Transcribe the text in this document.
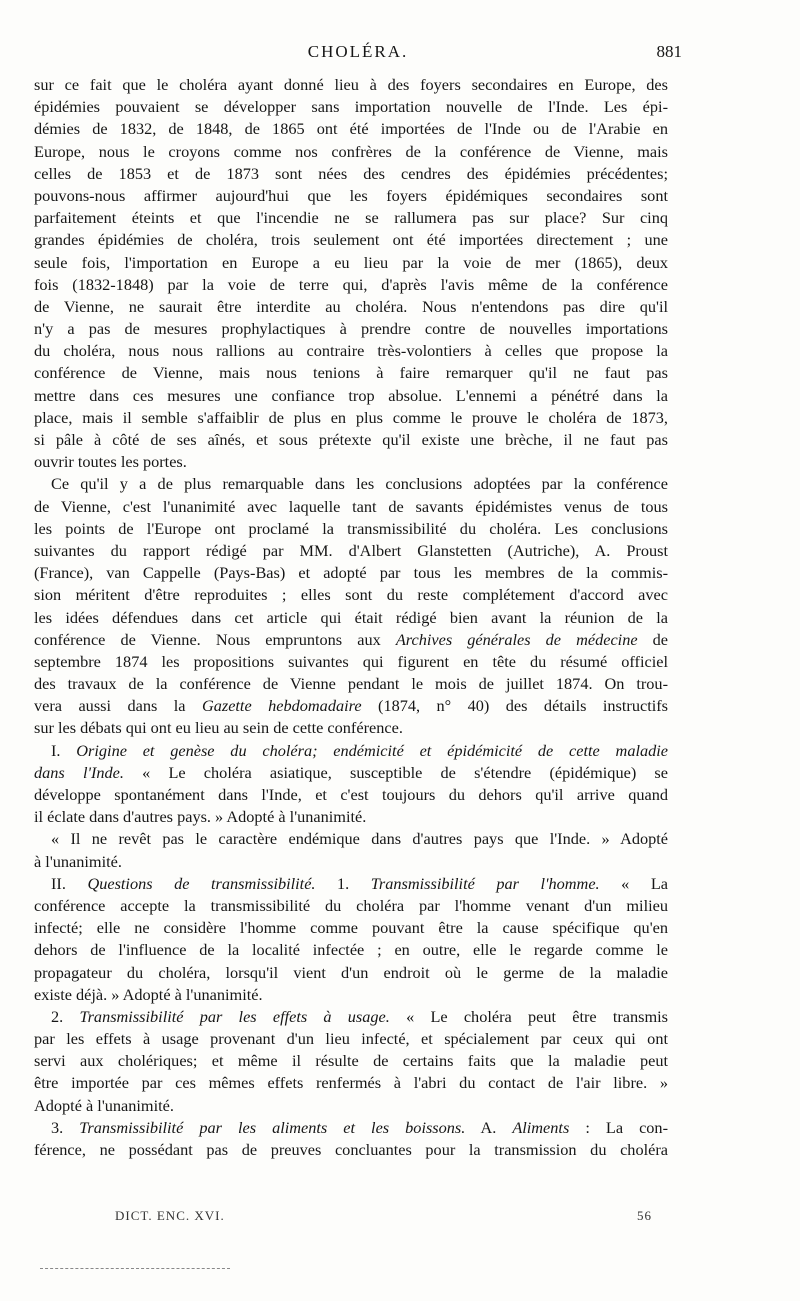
CHOLÉRA.	881
sur ce fait que le choléra ayant donné lieu à des foyers secondaires en Europe, des
épidémies pouvaient se développer sans importation nouvelle de l'Inde. Les épi-
démies de 1832, de 1848, de 1865 ont été importées de l'Inde ou de l'Arabie en
Europe, nous le croyons comme nos confrères de la conférence de Vienne, mais
celles de 1853 et de 1873 sont nées des cendres des épidémies précédentes;
pouvons-nous affirmer aujourd'hui que les foyers épidémiques secondaires sont
parfaitement éteints et que l'incendie ne se rallumera pas sur place? Sur cinq
grandes épidémies de choléra, trois seulement ont été importées directement ; une
seule fois, l'importation en Europe a eu lieu par la voie de mer (1865), deux
fois (1832-1848) par la voie de terre qui, d'après l'avis même de la conférence
de Vienne, ne saurait être interdite au choléra. Nous n'entendons pas dire qu'il
n'y a pas de mesures prophylactiques à prendre contre de nouvelles importations
du choléra, nous nous rallions au contraire très-volontiers à celles que propose la
conférence de Vienne, mais nous tenions à faire remarquer qu'il ne faut pas
mettre dans ces mesures une confiance trop absolue. L'ennemi a pénétré dans la
place, mais il semble s'affaiblir de plus en plus comme le prouve le choléra de 1873,
si pâle à côté de ses aînés, et sous prétexte qu'il existe une brèche, il ne faut pas
ouvrir toutes les portes.
Ce qu'il y a de plus remarquable dans les conclusions adoptées par la conférence
de Vienne, c'est l'unanimité avec laquelle tant de savants épidémistes venus de tous
les points de l'Europe ont proclamé la transmissibilité du choléra. Les conclusions
suivantes du rapport rédigé par MM. d'Albert Glanstetten (Autriche), A. Proust
(France), van Cappelle (Pays-Bas) et adopté par tous les membres de la commis-
sion méritent d'être reproduites ; elles sont du reste complétement d'accord avec
les idées défendues dans cet article qui était rédigé bien avant la réunion de la
conférence de Vienne. Nous empruntons aux Archives générales de médecine de
septembre 1874 les propositions suivantes qui figurent en tête du résumé officiel
des travaux de la conférence de Vienne pendant le mois de juillet 1874. On trou-
vera aussi dans la Gazette hebdomadaire (1874, n° 40) des détails instructifs
sur les débats qui ont eu lieu au sein de cette conférence.
I. Origine et genèse du choléra; endémicité et épidémicité de cette maladie
dans l'Inde. « Le choléra asiatique, susceptible de s'étendre (épidémique) se
développe spontanément dans l'Inde, et c'est toujours du dehors qu'il arrive quand
il éclate dans d'autres pays. » Adopté à l'unanimité.
« Il ne revêt pas le caractère endémique dans d'autres pays que l'Inde. » Adopté
à l'unanimité.
II. Questions de transmissibilité. 1. Transmissibilité par l'homme. « La
conférence accepte la transmissibilité du choléra par l'homme venant d'un milieu
infecté; elle ne considère l'homme comme pouvant être la cause spécifique qu'en
dehors de l'influence de la localité infectée ; en outre, elle le regarde comme le
propagateur du choléra, lorsqu'il vient d'un endroit où le germe de la maladie
existe déjà. » Adopté à l'unanimité.
2. Transmissibilité par les effets à usage. « Le choléra peut être transmis
par les effets à usage provenant d'un lieu infecté, et spécialement par ceux qui ont
servi aux cholériques; et même il résulte de certains faits que la maladie peut
être importée par ces mêmes effets renfermés à l'abri du contact de l'air libre. »
Adopté à l'unanimité.
3. Transmissibilité par les aliments et les boissons. A. Aliments : La con-
férence, ne possédant pas de preuves concluantes pour la transmission du choléra
DICT. ENC. XVI.	56
